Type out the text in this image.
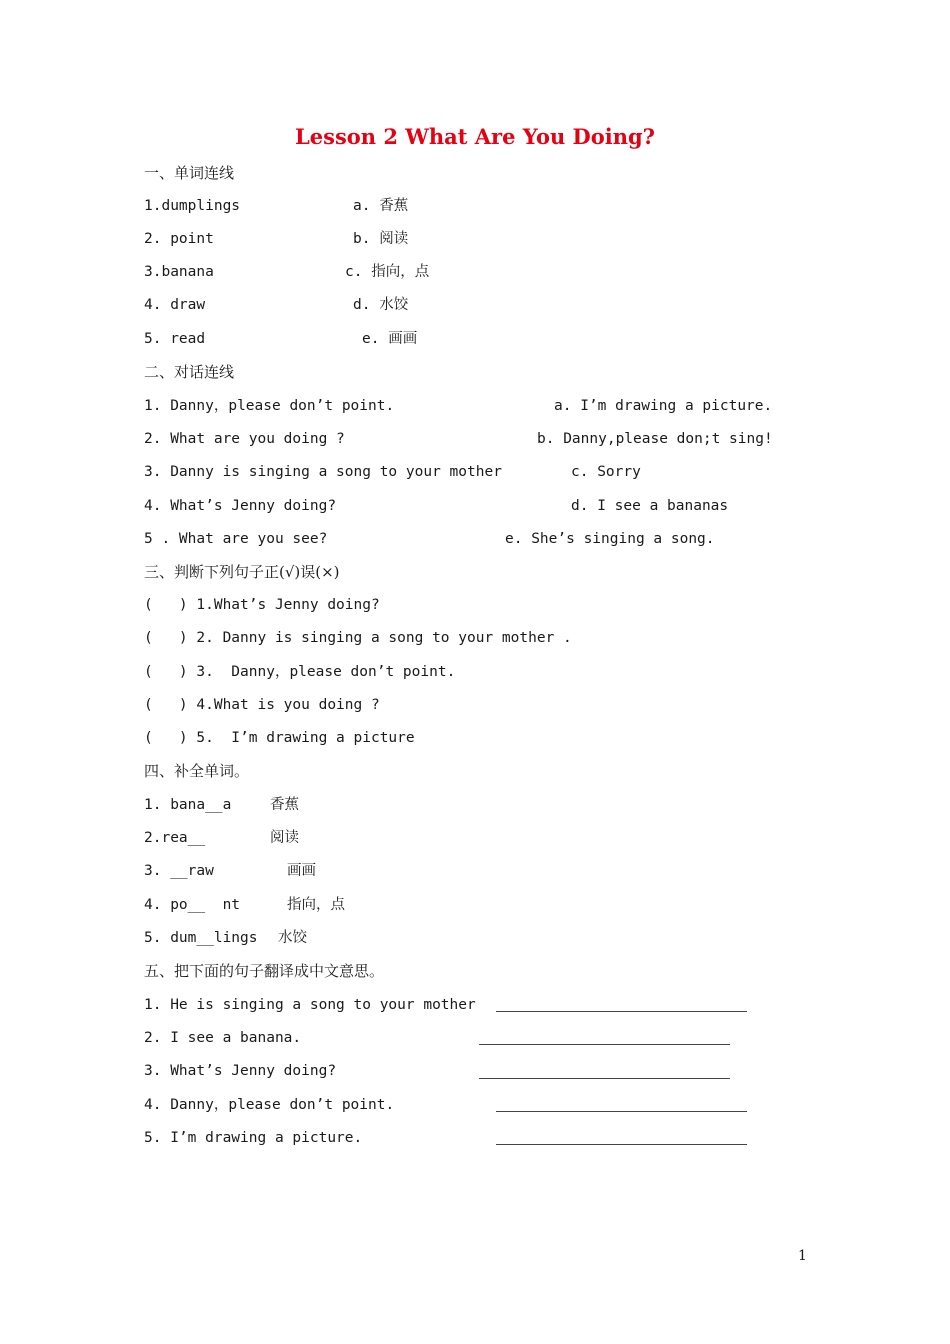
Lesson 2 What Are You Doing?
一、单词连线
1.dumplings	a. 香蕉
2. point	b. 阅读
3.banana	c. 指向，点
4. draw	d. 水饺
5. read	e. 画画
二、对话连线
1. Danny，please don’t point.	a. I’m drawing a picture.
2. What are you doing ?	b. Danny,please don;t sing!
3. Danny is singing a song to your mother	c. Sorry
4. What’s Jenny doing?	d. I see a bananas
5 . What are you see?	e. She’s singing a song.
三、判断下列句子正(√)误(×)
(   ) 1.What’s Jenny doing?
(   ) 2. Danny is singing a song to your mother .
(   ) 3.  Danny，please don’t point.
(   ) 4.What is you doing ?
(   ) 5.  I’m drawing a picture
四、补全单词。
1. bana__a	香蕉
2.rea__	阅读
3. __raw	画画
4. po__  nt	指向，点
5. dum__lings 水饺
五、把下面的句子翻译成中文意思。
1. He is singing a song to your mother
2. I see a banana.
3. What’s Jenny doing?
4. Danny，please don’t point.
5. I’m drawing a picture.
1
